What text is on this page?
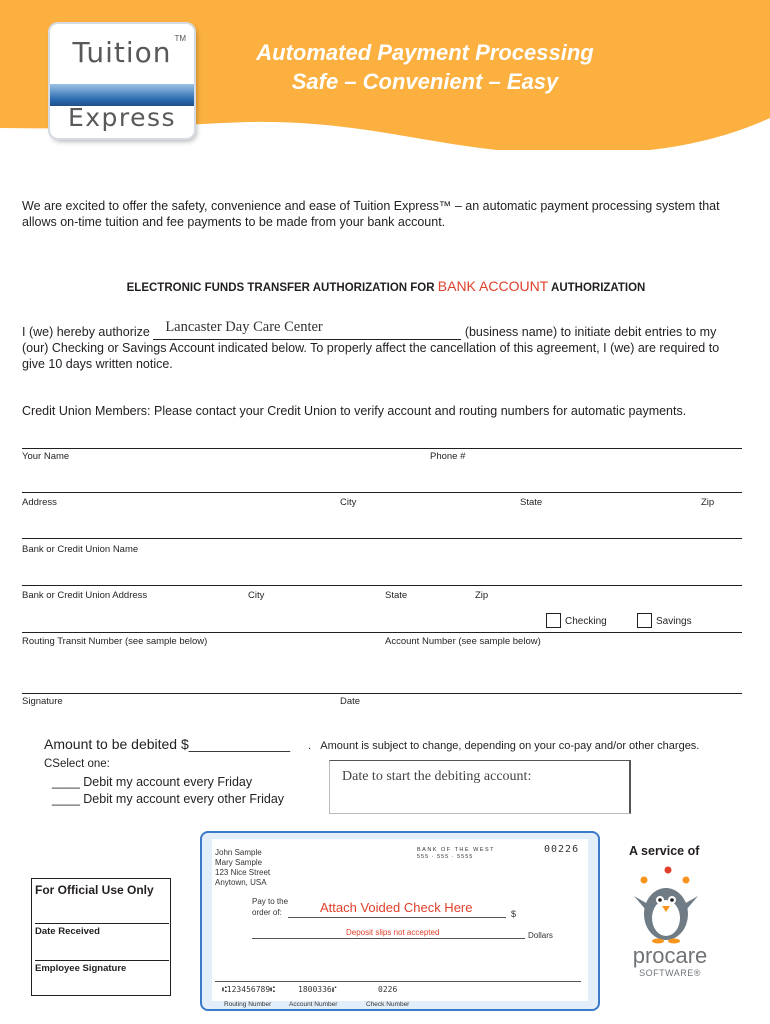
Tuition TM
Express
Automated Payment Processing
Safe – Convenient – Easy
We are excited to offer the safety, convenience and ease of Tuition Express™ – an automatic payment processing system that allows on-time tuition and fee payments to be made from your bank account.
ELECTRONIC FUNDS TRANSFER AUTHORIZATION FOR BANK ACCOUNT AUTHORIZATION
I (we) hereby authorize Lancaster Day Care Center	(business name) to initiate debit entries to my (our) Checking or Savings Account indicated below. To properly affect the cancellation of this agreement, I (we) are required to give 10 days written notice.
Credit Union Members: Please contact your Credit Union to verify account and routing numbers for automatic payments.
Your Name	Phone #
Address	City	State	Zip
Bank or Credit Union Name
Bank or Credit Union Address	City	State	Zip
Checking	Savings
Routing Transit Number (see sample below)	Account Number (see sample below)
Signature	Date
Amount to be debited $_____________ . Amount is subject to change, depending on your co-pay and/or other charges.
CSelect one:
____ Debit my account every Friday
____ Debit my account every other Friday
Date to start the debiting account:
For Official Use Only
Date Received
Employee Signature
John Sample
Mary Sample
123 Nice Street
Anytown, USA
BANK OF THE WEST
555 · 555 · 5555
00226
Pay to the
order of:	Attach Voided Check Here	$
Deposit slips not accepted	Dollars
⑆123456789⑆	1800336⑈	0226
Routing Number	Account Number	Check Number
A service of
procare
SOFTWARE®
